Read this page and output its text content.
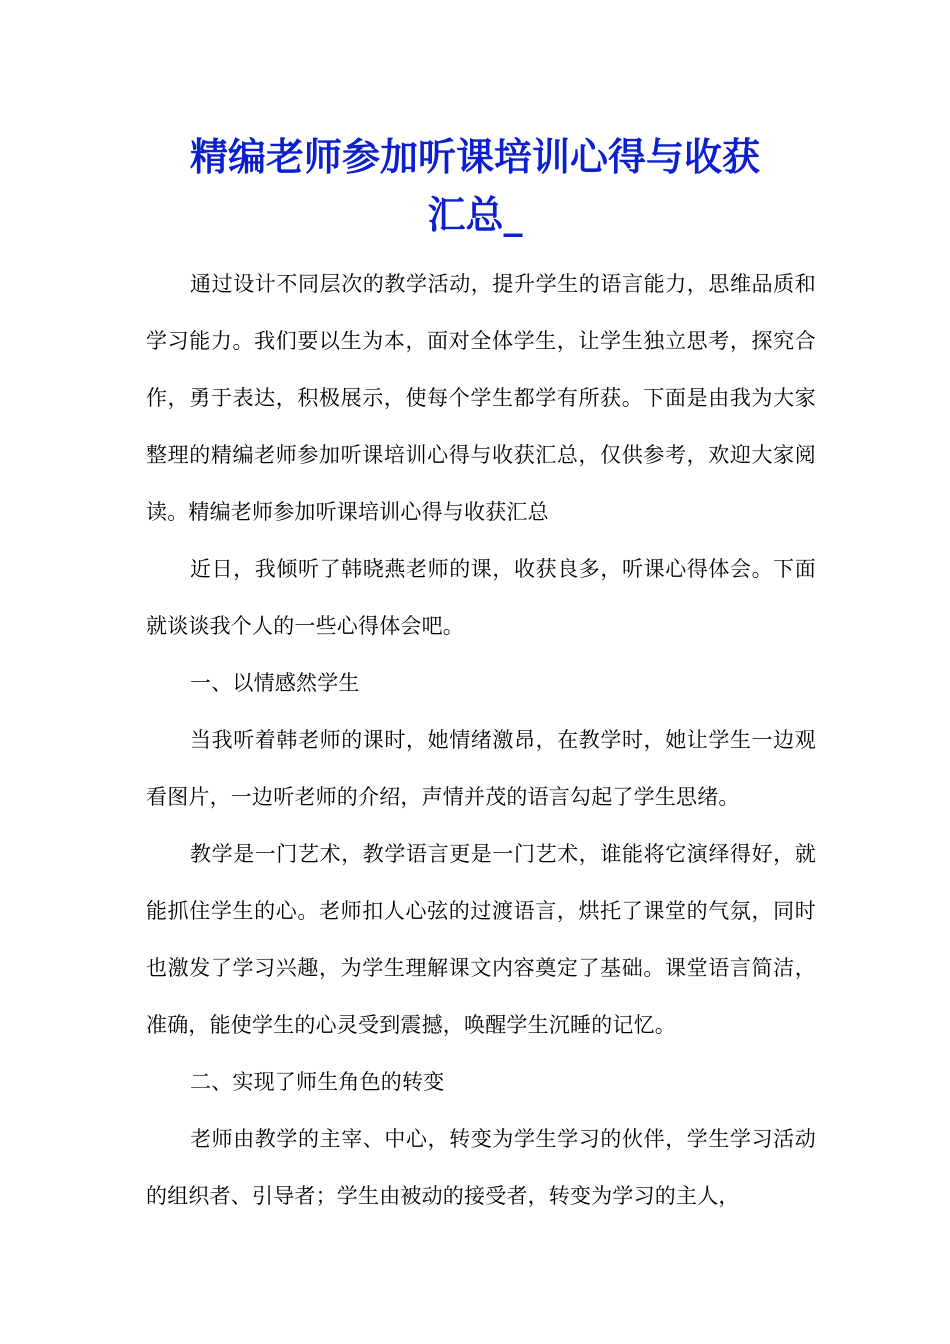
精编老师参加听课培训心得与收获
汇总_

通过设计不同层次的教学活动，提升学生的语言能力，思维品质和学习能力。我们要以生为本，面对全体学生，让学生独立思考，探究合作，勇于表达，积极展示，使每个学生都学有所获。下面是由我为大家整理的精编老师参加听课培训心得与收获汇总，仅供参考，欢迎大家阅读。精编老师参加听课培训心得与收获汇总

近日，我倾听了韩晓燕老师的课，收获良多，听课心得体会。下面就谈谈我个人的一些心得体会吧。

一、以情感然学生

当我听着韩老师的课时，她情绪激昂，在教学时，她让学生一边观看图片，一边听老师的介绍，声情并茂的语言勾起了学生思绪。

教学是一门艺术，教学语言更是一门艺术，谁能将它演绎得好，就能抓住学生的心。老师扣人心弦的过渡语言，烘托了课堂的气氛，同时也激发了学习兴趣，为学生理解课文内容奠定了基础。课堂语言简洁，准确，能使学生的心灵受到震撼，唤醒学生沉睡的记忆。

二、实现了师生角色的转变

老师由教学的主宰、中心，转变为学生学习的伙伴，学生学习活动的组织者、引导者；学生由被动的接受者，转变为学习的主人，
